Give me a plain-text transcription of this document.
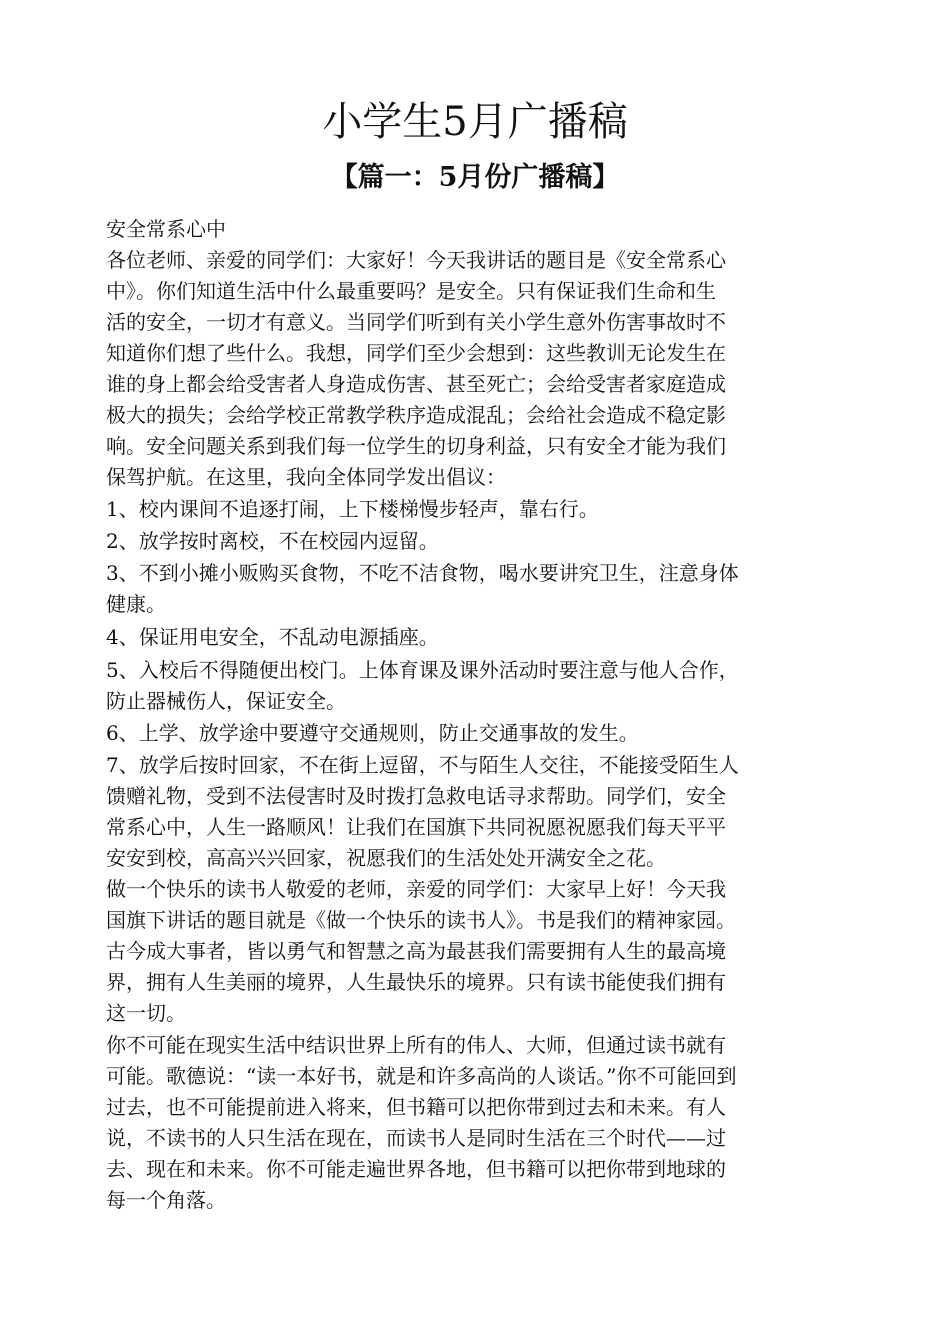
小学生5月广播稿
【篇一：5月份广播稿】
安全常系心中
各位老师、亲爱的同学们：大家好！今天我讲话的题目是《安全常系心
中》。你们知道生活中什么最重要吗？是安全。只有保证我们生命和生
活的安全，一切才有意义。当同学们听到有关小学生意外伤害事故时不
知道你们想了些什么。我想，同学们至少会想到：这些教训无论发生在
谁的身上都会给受害者人身造成伤害、甚至死亡；会给受害者家庭造成
极大的损失；会给学校正常教学秩序造成混乱；会给社会造成不稳定影
响。安全问题关系到我们每一位学生的切身利益，只有安全才能为我们
保驾护航。在这里，我向全体同学发出倡议：
1、校内课间不追逐打闹，上下楼梯慢步轻声，靠右行。
2、放学按时离校，不在校园内逗留。
3、不到小摊小贩购买食物，不吃不洁食物，喝水要讲究卫生，注意身体
健康。
4、保证用电安全，不乱动电源插座。
5、入校后不得随便出校门。上体育课及课外活动时要注意与他人合作，
防止器械伤人，保证安全。
6、上学、放学途中要遵守交通规则，防止交通事故的发生。
7、放学后按时回家，不在街上逗留，不与陌生人交往，不能接受陌生人
馈赠礼物，受到不法侵害时及时拨打急救电话寻求帮助。同学们，安全
常系心中，人生一路顺风！让我们在国旗下共同祝愿祝愿我们每天平平
安安到校，高高兴兴回家，祝愿我们的生活处处开满安全之花。
做一个快乐的读书人敬爱的老师，亲爱的同学们：大家早上好！今天我
国旗下讲话的题目就是《做一个快乐的读书人》。书是我们的精神家园。
古今成大事者，皆以勇气和智慧之高为最甚我们需要拥有人生的最高境
界，拥有人生美丽的境界，人生最快乐的境界。只有读书能使我们拥有
这一切。
你不可能在现实生活中结识世界上所有的伟人、大师，但通过读书就有
可能。歌德说：“读一本好书，就是和许多高尚的人谈话。”你不可能回到
过去，也不可能提前进入将来，但书籍可以把你带到过去和未来。有人
说，不读书的人只生活在现在，而读书人是同时生活在三个时代——过
去、现在和未来。你不可能走遍世界各地，但书籍可以把你带到地球的
每一个角落。
